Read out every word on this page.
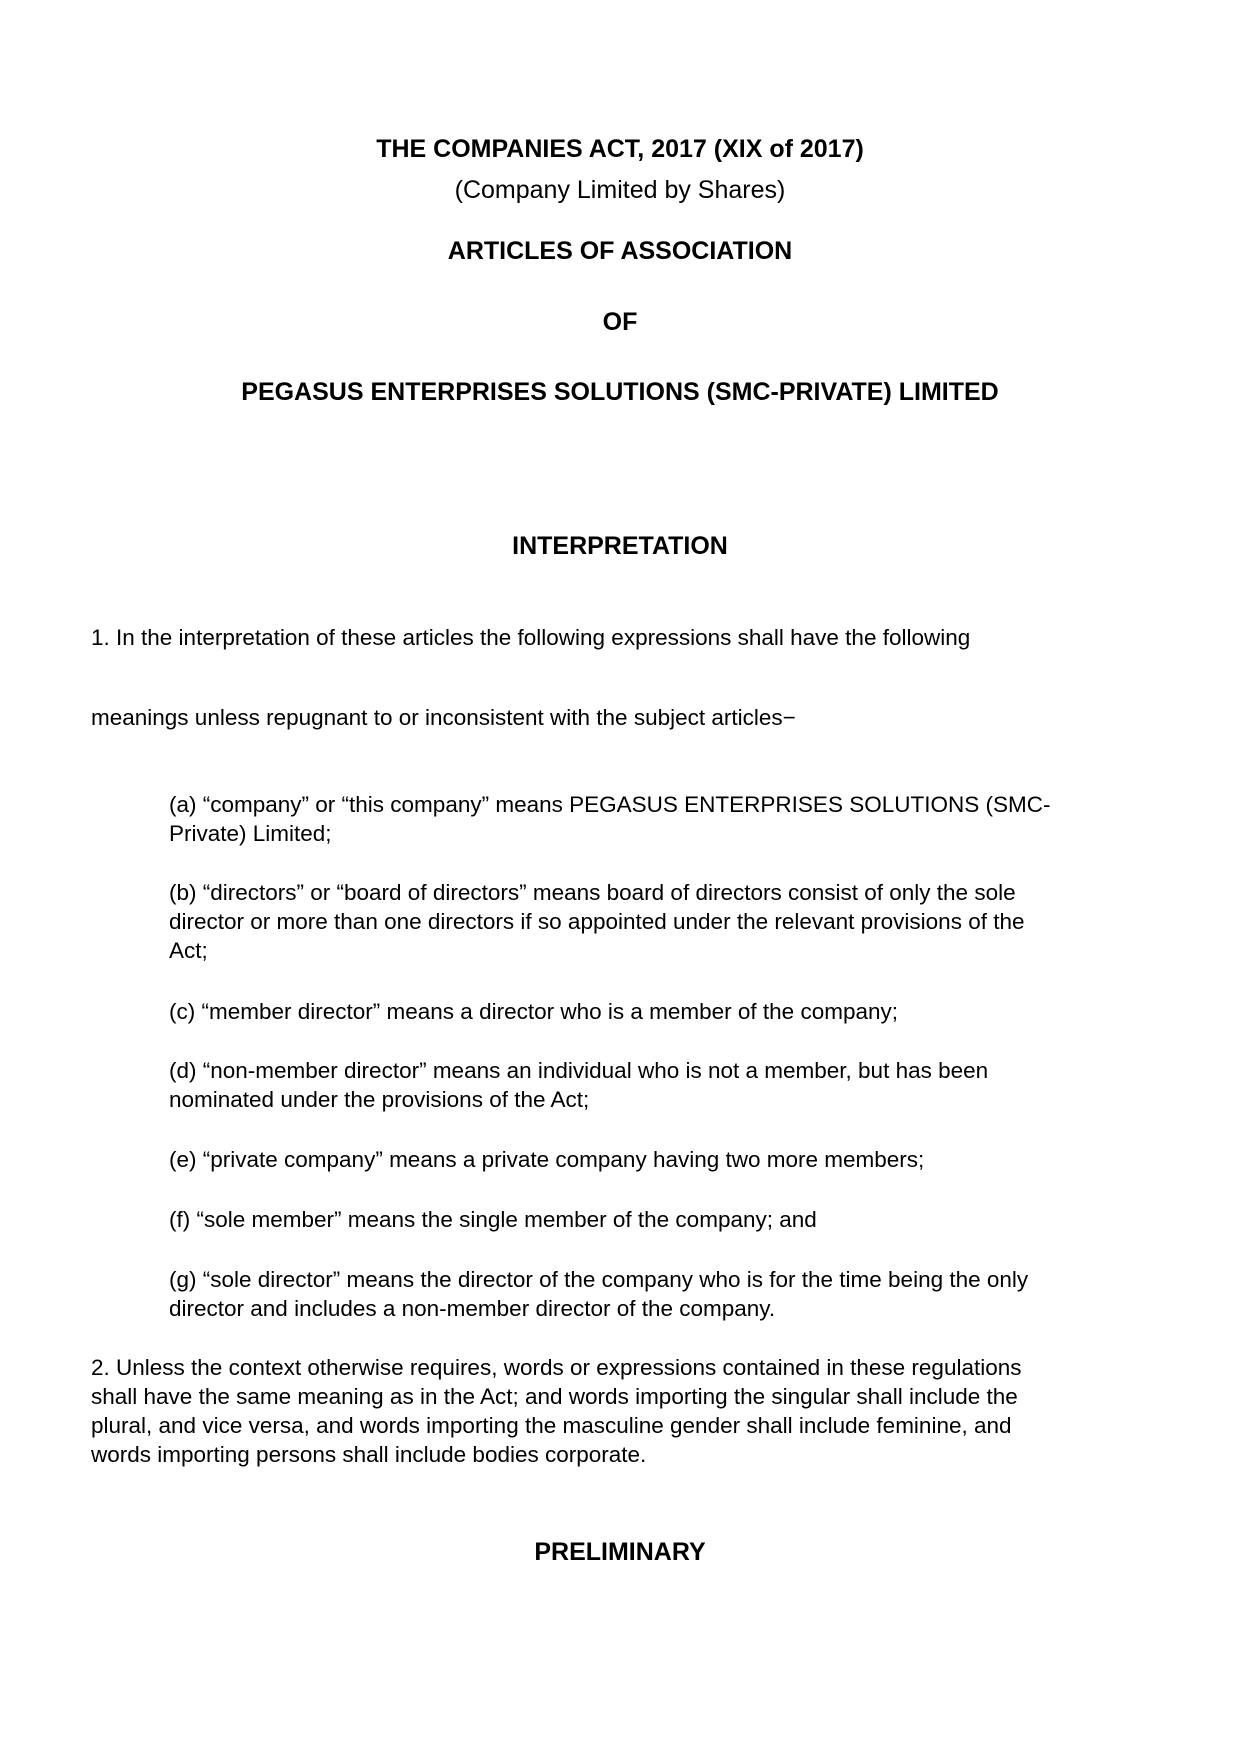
THE COMPANIES ACT, 2017 (XIX of 2017)
(Company Limited by Shares)
ARTICLES OF ASSOCIATION
OF
PEGASUS ENTERPRISES SOLUTIONS (SMC-PRIVATE) LIMITED
INTERPRETATION
1. In the interpretation of these articles the following expressions shall have the following
meanings unless repugnant to or inconsistent with the subject articles−
(a) “company” or “this company” means PEGASUS ENTERPRISES SOLUTIONS (SMC-
Private) Limited;
(b) “directors” or “board of directors” means board of directors consist of only the sole
director or more than one directors if so appointed under the relevant provisions of the
Act;
(c) “member director” means a director who is a member of the company;
(d) “non-member director” means an individual who is not a member, but has been
nominated under the provisions of the Act;
(e) “private company” means a private company having two more members;
(f) “sole member” means the single member of the company; and
(g) “sole director” means the director of the company who is for the time being the only
director and includes a non-member director of the company.
2. Unless the context otherwise requires, words or expressions contained in these regulations
shall have the same meaning as in the Act; and words importing the singular shall include the
plural, and vice versa, and words importing the masculine gender shall include feminine, and
words importing persons shall include bodies corporate.
PRELIMINARY
